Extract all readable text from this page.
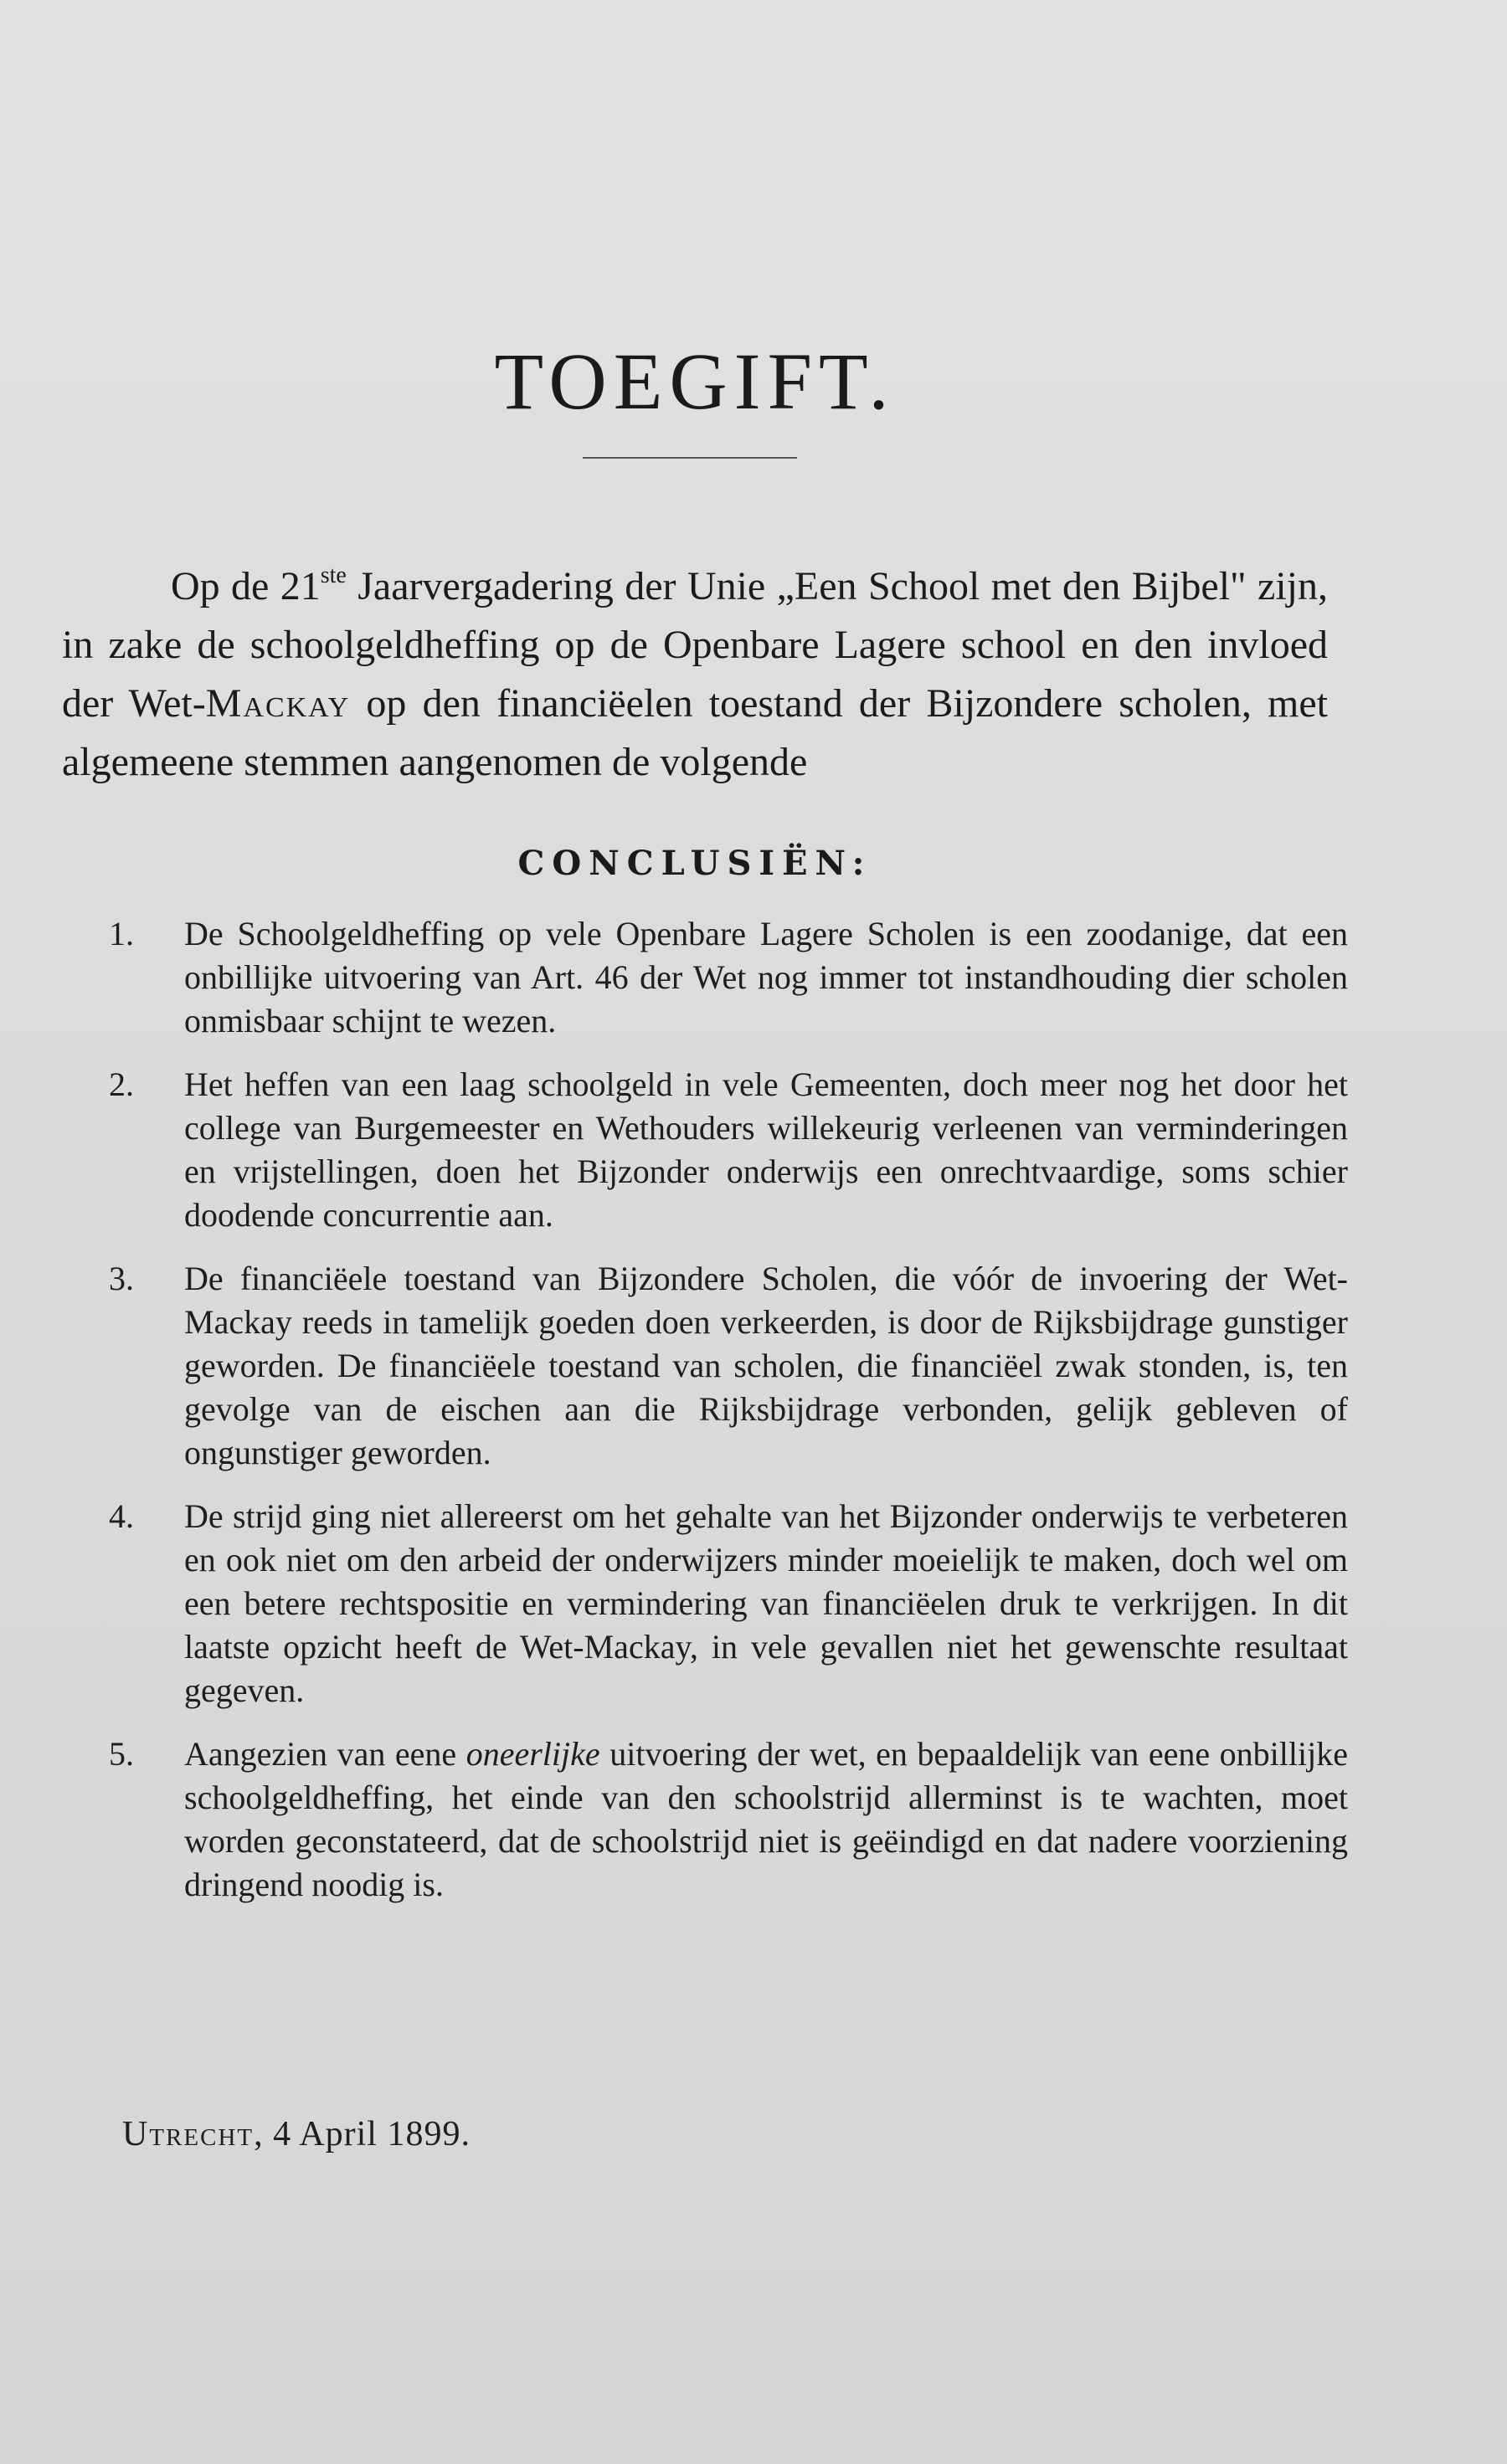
TOEGIFT.

Op de 21ste Jaarvergadering der Unie „Een School met den Bijbel" zijn, in zake de schoolgeldheffing op de Openbare Lagere school en den invloed der Wet-Mackay op den financiëelen toestand der Bijzondere scholen, met algemeene stemmen aangenomen de volgende

CONCLUSIËN:
1.	De Schoolgeldheffing op vele Openbare Lagere Scholen is een zoodanige, dat een onbillijke uitvoering van Art. 46 der Wet nog immer tot instandhouding dier scholen onmisbaar schijnt te wezen.
2.	Het heffen van een laag schoolgeld in vele Gemeenten, doch meer nog het door het college van Burgemeester en Wethouders willekeurig verleenen van verminderingen en vrijstellingen, doen het Bijzonder onderwijs een onrechtvaardige, soms schier doodende concurrentie aan.
3.	De financiëele toestand van Bijzondere Scholen, die vóór de invoering der Wet-Mackay reeds in tamelijk goeden doen verkeerden, is door de Rijksbijdrage gunstiger geworden. De financiëele toestand van scholen, die financiëel zwak stonden, is, ten gevolge van de eischen aan die Rijksbijdrage verbonden, gelijk gebleven of ongunstiger geworden.
4.	De strijd ging niet allereerst om het gehalte van het Bijzonder onderwijs te verbeteren en ook niet om den arbeid der onderwijzers minder moeielijk te maken, doch wel om een betere rechtspositie en vermindering van financiëelen druk te verkrijgen. In dit laatste opzicht heeft de Wet-Mackay, in vele gevallen niet het gewenschte resultaat gegeven.
5.	Aangezien van eene oneerlijke uitvoering der wet, en bepaaldelijk van eene onbillijke schoolgeldheffing, het einde van den schoolstrijd allerminst is te wachten, moet worden geconstateerd, dat de schoolstrijd niet is geëindigd en dat nadere voorziening dringend noodig is.
Utrecht, 4 April 1899.
